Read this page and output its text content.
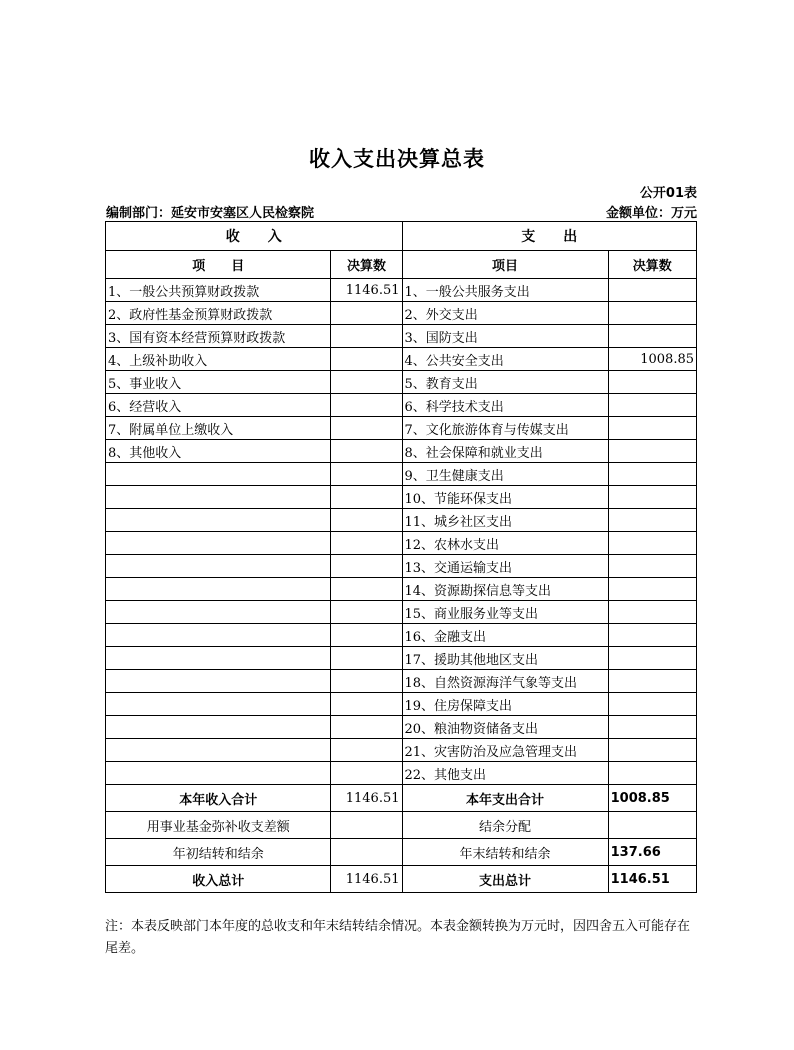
收入支出决算总表
公开01表
编制部门：延安市安塞区人民检察院	金额单位：万元
收　　入		支　　出	
项　　目	决算数	项目	决算数
1、一般公共预算财政拨款	1146.51	1、一般公共服务支出	
2、政府性基金预算财政拨款		2、外交支出	
3、国有资本经营预算财政拨款		3、国防支出	
4、上级补助收入		4、公共安全支出	1008.85
5、事业收入		5、教育支出	
6、经营收入		6、科学技术支出	
7、附属单位上缴收入		7、文化旅游体育与传媒支出	
8、其他收入		8、社会保障和就业支出	
		9、卫生健康支出	
		10、节能环保支出	
		11、城乡社区支出	
		12、农林水支出	
		13、交通运输支出	
		14、资源勘探信息等支出	
		15、商业服务业等支出	
		16、金融支出	
		17、援助其他地区支出	
		18、自然资源海洋气象等支出	
		19、住房保障支出	
		20、粮油物资储备支出	
		21、灾害防治及应急管理支出	
		22、其他支出	
本年收入合计	1146.51	本年支出合计	1008.85
用事业基金弥补收支差额		结余分配	
年初结转和结余		年末结转和结余	137.66
收入总计	1146.51	支出总计	1146.51
注：本表反映部门本年度的总收支和年末结转结余情况。本表金额转换为万元时，因四舍五入可能存在尾差。
